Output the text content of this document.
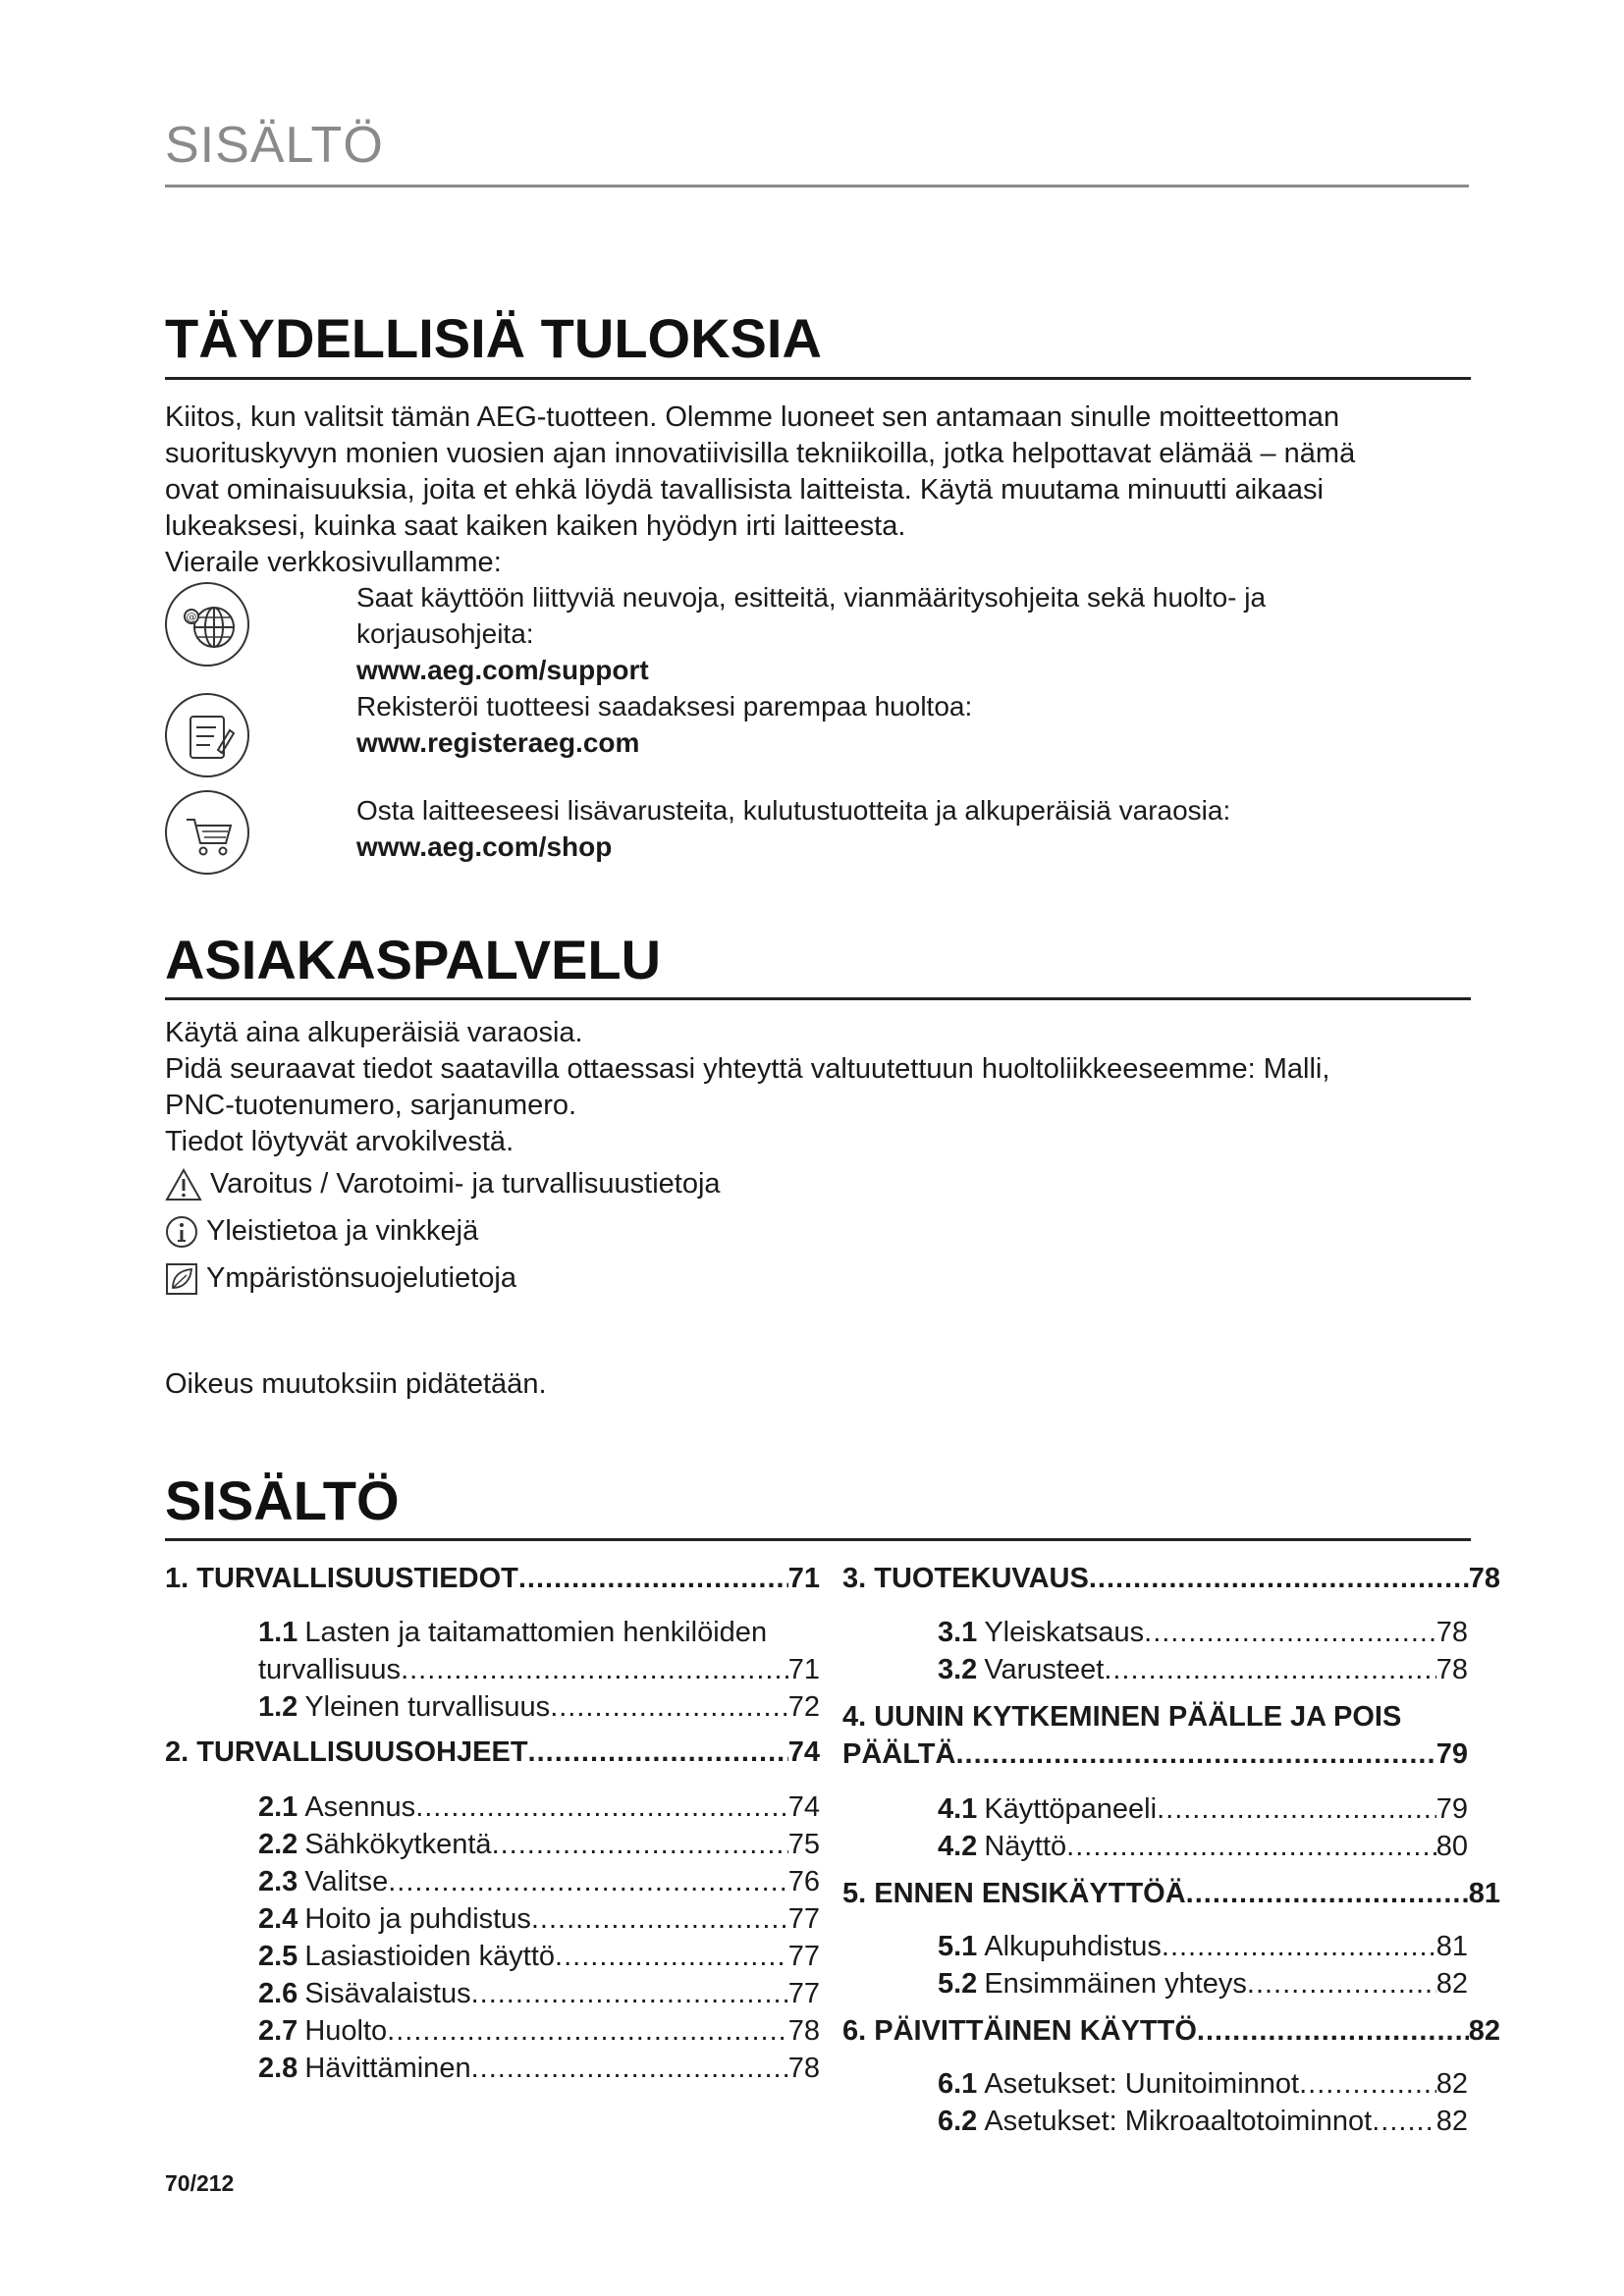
SISÄLTÖ
TÄYDELLISIÄ TULOKSIA

Kiitos, kun valitsit tämän AEG-tuotteen. Olemme luoneet sen antamaan sinulle moitteettoman

suorituskyvyn monien vuosien ajan innovatiivisilla tekniikoilla, jotka helpottavat elämää – nämä

ovat ominaisuuksia, joita et ehkä löydä tavallisista laitteista. Käytä muutama minuutti aikaasi

lukeaksesi, kuinka saat kaiken kaiken hyödyn irti laitteesta.

Vieraile verkkosivullamme:

@

Saat käyttöön liittyviä neuvoja, esitteitä, vianmääritysohjeita sekä huolto- ja

korjausohjeita:

www.aeg.com/support

Rekisteröi tuotteesi saadaksesi parempaa huoltoa:

www.registeraeg.com

Osta laitteeseesi lisävarusteita, kulutustuotteita ja alkuperäisiä varaosia:

www.aeg.com/shop

ASIAKASPALVELU

Käytä aina alkuperäisiä varaosia.

Pidä seuraavat tiedot saatavilla ottaessasi yhteyttä valtuutettuun huoltoliikkeeseemme: Malli,

PNC-tuotenumero, sarjanumero.

Tiedot löytyvät arvokilvestä.

Varoitus / Varotoimi- ja turvallisuustietoja
Yleistietoa ja vinkkejä
Ympäristönsuojelutietoja

Oikeus muutoksiin pidätetään.

SISÄLTÖ
1. TURVALLISUUSTIEDOT .....	71
1.1 Lasten ja taitamattomien henkilöiden
turvallisuus .....	71
1.2 Yleinen turvallisuus .....	72
2. TURVALLISUUSOHJEET .....	74
2.1 Asennus .....	74
2.2 Sähkökytkentä .....	75
2.3 Valitse .....	76
2.4 Hoito ja puhdistus .....	77
2.5 Lasiastioiden käyttö .....	77
2.6 Sisävalaistus .....	77
2.7 Huolto .....	78
2.8 Hävittäminen .....	78
3. TUOTEKUVAUS .....	78
3.1 Yleiskatsaus .....	78
3.2 Varusteet .....	78
4. UUNIN KYTKEMINEN PÄÄLLE JA POIS
PÄÄLTÄ .....	79
4.1 Käyttöpaneeli .....	79
4.2 Näyttö .....	80
5. ENNEN ENSIKÄYTTÖÄ .....	81
5.1 Alkupuhdistus .....	81
5.2 Ensimmäinen yhteys .....	82
6. PÄIVITTÄINEN KÄYTTÖ .....	82
6.1 Asetukset: Uunitoiminnot .....	82
6.2 Asetukset: Mikroaaltotoiminnot ..... 82
70/212
